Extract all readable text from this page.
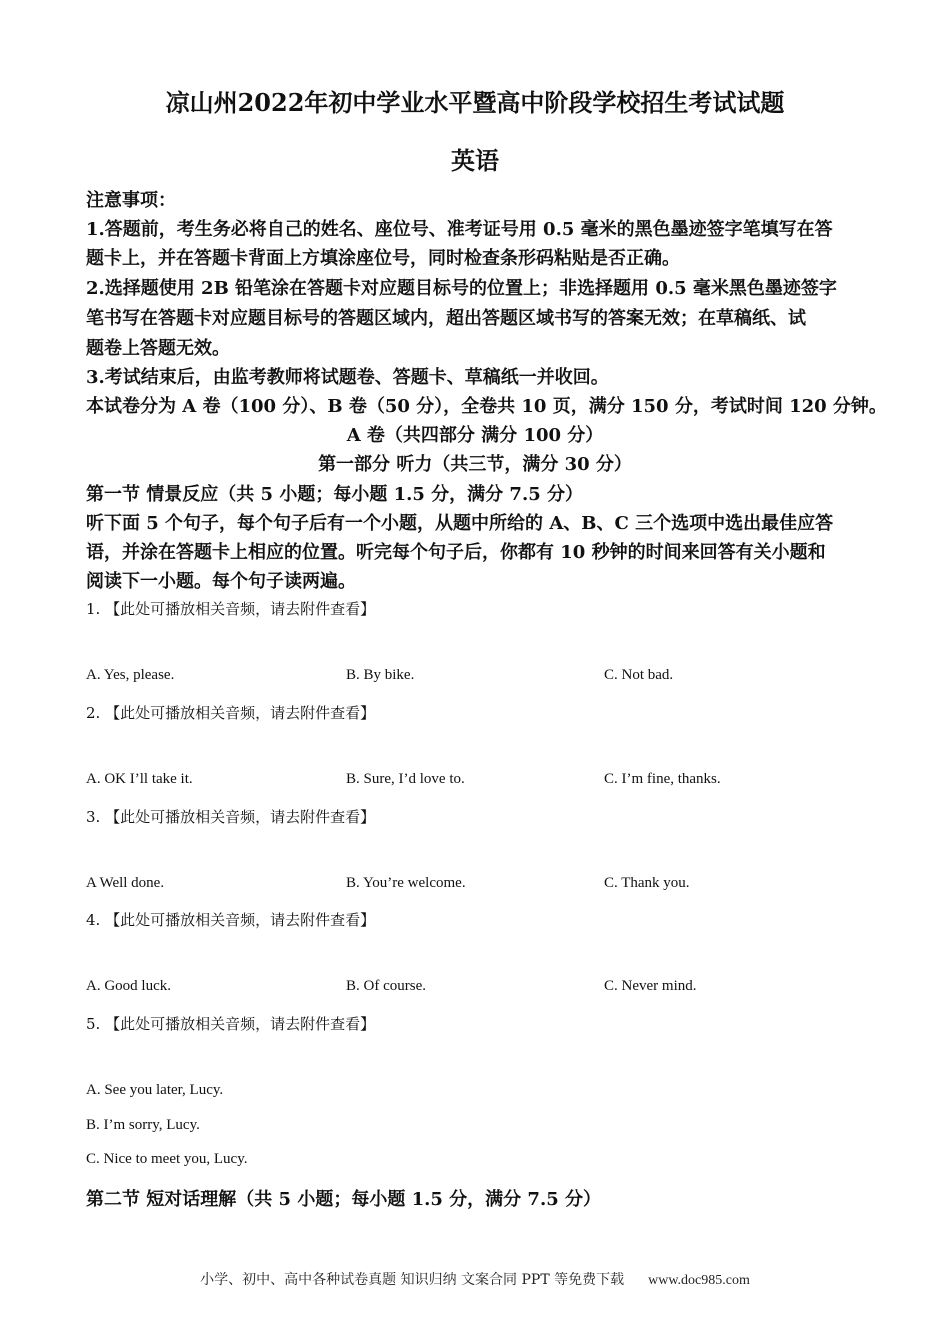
凉山州2022年初中学业水平暨高中阶段学校招生考试试题
英语
注意事项：
1.答题前，考生务必将自己的姓名、座位号、准考证号用 0.5 毫米的黑色墨迹签字笔填写在答
题卡上，并在答题卡背面上方填涂座位号，同时检查条形码粘贴是否正确。
2.选择题使用 2B 铅笔涂在答题卡对应题目标号的位置上；非选择题用 0.5 毫米黑色墨迹签字
笔书写在答题卡对应题目标号的答题区域内，超出答题区域书写的答案无效；在草稿纸、试
题卷上答题无效。
3.考试结束后，由监考教师将试题卷、答题卡、草稿纸一并收回。
本试卷分为 A 卷（100 分）、B 卷（50 分），全卷共 10 页，满分 150 分，考试时间 120 分钟。
A 卷（共四部分 满分 100 分）
第一部分 听力（共三节，满分 30 分）
第一节 情景反应（共 5 小题；每小题 1.5 分，满分 7.5 分）
听下面 5 个句子，每个句子后有一个小题，从题中所给的 A、B、C 三个选项中选出最佳应答
语，并涂在答题卡上相应的位置。听完每个句子后，你都有 10 秒钟的时间来回答有关小题和
阅读下一小题。每个句子读两遍。
1. 【此处可播放相关音频，请去附件查看】
A. Yes, please.	B. By bike.	C. Not bad.
2. 【此处可播放相关音频，请去附件查看】
A. OK I’ll take it.	B. Sure, I’d love to.	C. I’m fine, thanks.
3. 【此处可播放相关音频，请去附件查看】
A Well done.	B. You’re welcome.	C. Thank you.
4. 【此处可播放相关音频，请去附件查看】
A. Good luck.	B. Of course.	C. Never mind.
5. 【此处可播放相关音频，请去附件查看】
A. See you later, Lucy.
B. I’m sorry, Lucy.
C. Nice to meet you, Lucy.
第二节 短对话理解（共 5 小题；每小题 1.5 分，满分 7.5 分）
小学、初中、高中各种试卷真题 知识归纳 文案合同 PPT 等免费下载 www.doc985.com
